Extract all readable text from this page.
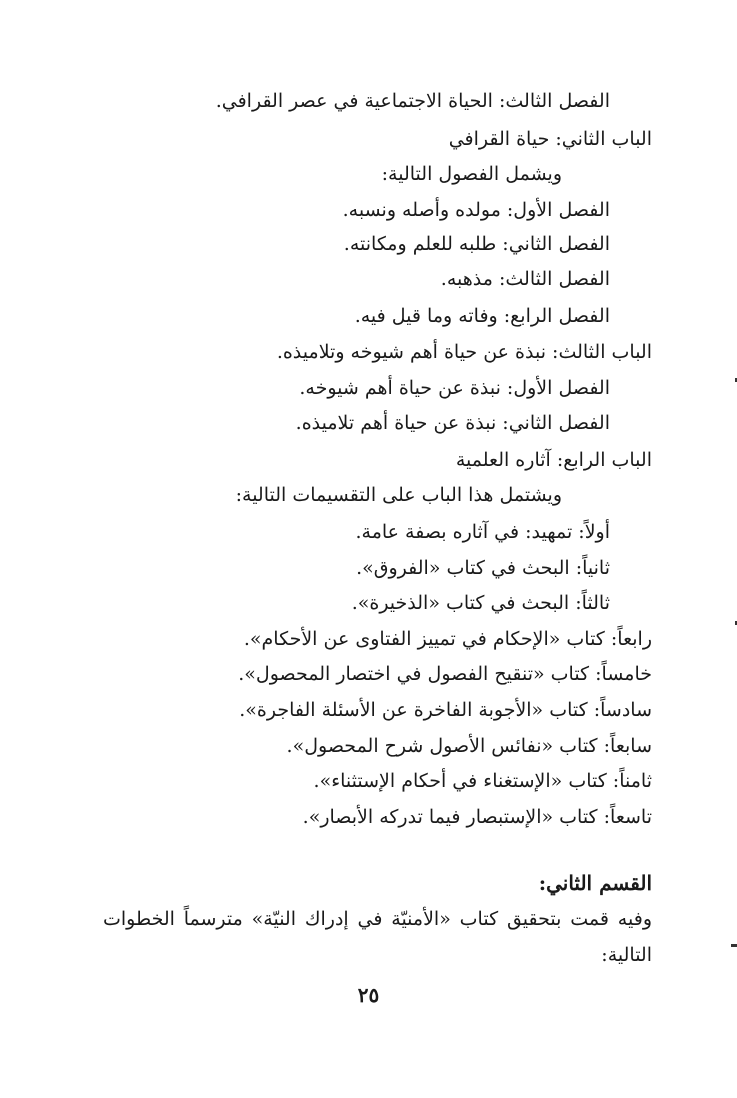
الفصل الثالث: الحياة الاجتماعية في عصر القرافي.
الباب الثاني: حياة القرافي
ويشمل الفصول التالية:
الفصل الأول: مولده وأصله ونسبه.
الفصل الثاني: طلبه للعلم ومكانته.
الفصل الثالث: مذهبه.
الفصل الرابع: وفاته وما قيل فيه.
الباب الثالث: نبذة عن حياة أهم شيوخه وتلاميذه.
الفصل الأول: نبذة عن حياة أهم شيوخه.
الفصل الثاني: نبذة عن حياة أهم تلاميذه.
الباب الرابع: آثاره العلمية
ويشتمل هذا الباب على التقسيمات التالية:
أولاً: تمهيد: في آثاره بصفة عامة.
ثانياً: البحث في كتاب «الفروق».
ثالثاً: البحث في كتاب «الذخيرة».
رابعاً: كتاب «الإحكام في تمييز الفتاوى عن الأحكام».
خامساً: كتاب «تنقيح الفصول في اختصار المحصول».
سادساً: كتاب «الأجوبة الفاخرة عن الأسئلة الفاجرة».
سابعاً: كتاب «نفائس الأصول شرح المحصول».
ثامناً: كتاب «الإستغناء في أحكام الإستثناء».
تاسعاً: كتاب «الإستبصار فيما تدركه الأبصار».
القسم الثاني:
وفيه قمت بتحقيق كتاب «الأمنيّة في إدراك النيّة» مترسماً الخطوات التالية:
٢٥
